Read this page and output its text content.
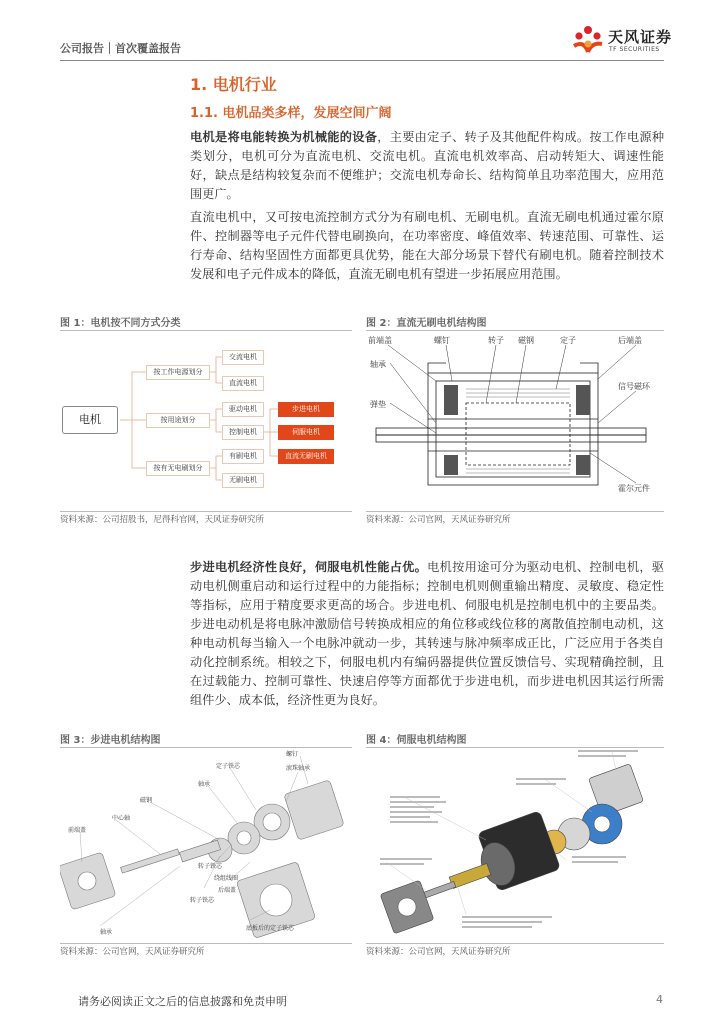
公司报告｜首次覆盖报告
天风证券
TF SECURITIES
1. 电机行业
1.1. 电机品类多样，发展空间广阔
电机是将电能转换为机械能的设备，主要由定子、转子及其他配件构成。按工作电源种类划分，电机可分为直流电机、交流电机。直流电机效率高、启动转矩大、调速性能好，缺点是结构较复杂而不便维护；交流电机寿命长、结构简单且功率范围大，应用范围更广。
直流电机中，又可按电流控制方式分为有刷电机、无刷电机。直流无刷电机通过霍尔原件、控制器等电子元件代替电刷换向，在功率密度、峰值效率、转速范围、可靠性、运行寿命、结构坚固性方面都更具优势，能在大部分场景下替代有刷电机。随着控制技术发展和电子元件成本的降低，直流无刷电机有望进一步拓展应用范围。
图 1：电机按不同方式分类
电机
按工作电源划分
按用途划分
按有无电刷划分
交流电机
直流电机
驱动电机
控制电机
有刷电机
无刷电机
步进电机
伺服电机
直流无刷电机
资料来源：公司招股书，尼得科官网，天风证券研究所
图 2：直流无刷电机结构图
前端盖	螺钉	转子 磁钢	定子	后端盖
轴承
信号磁环
弹垫
霍尔元件
资料来源：公司官网，天风证券研究所
步进电机经济性良好，伺服电机性能占优。电机按用途可分为驱动电机、控制电机，驱动电机侧重启动和运行过程中的力能指标；控制电机则侧重输出精度、灵敏度、稳定性等指标，应用于精度要求更高的场合。步进电机、伺服电机是控制电机中的主要品类。步进电动机是将电脉冲激励信号转换成相应的角位移或线位移的离散值控制电动机，这种电动机每当输入一个电脉冲就动一步，其转速与脉冲频率成正比，广泛应用于各类自动化控制系统。相较之下，伺服电机内有编码器提供位置反馈信号、实现精确控制，且在过载能力、控制可靠性、快速启停等方面都优于步进电机，而步进电机因其运行所需组件少、成本低，经济性更为良好。
图 3：步进电机结构图
螺钉
滚珠轴承
定子铁芯
轴承
磁钢
中心轴
前端盖
转子铁芯
绕组线圈
后端盖
转子铁芯
轴承
底板后的定子铁芯
资料来源：公司官网，天风证券研究所
图 4：伺服电机结构图
资料来源：公司官网，天风证券研究所
请务必阅读正文之后的信息披露和免责申明	4
